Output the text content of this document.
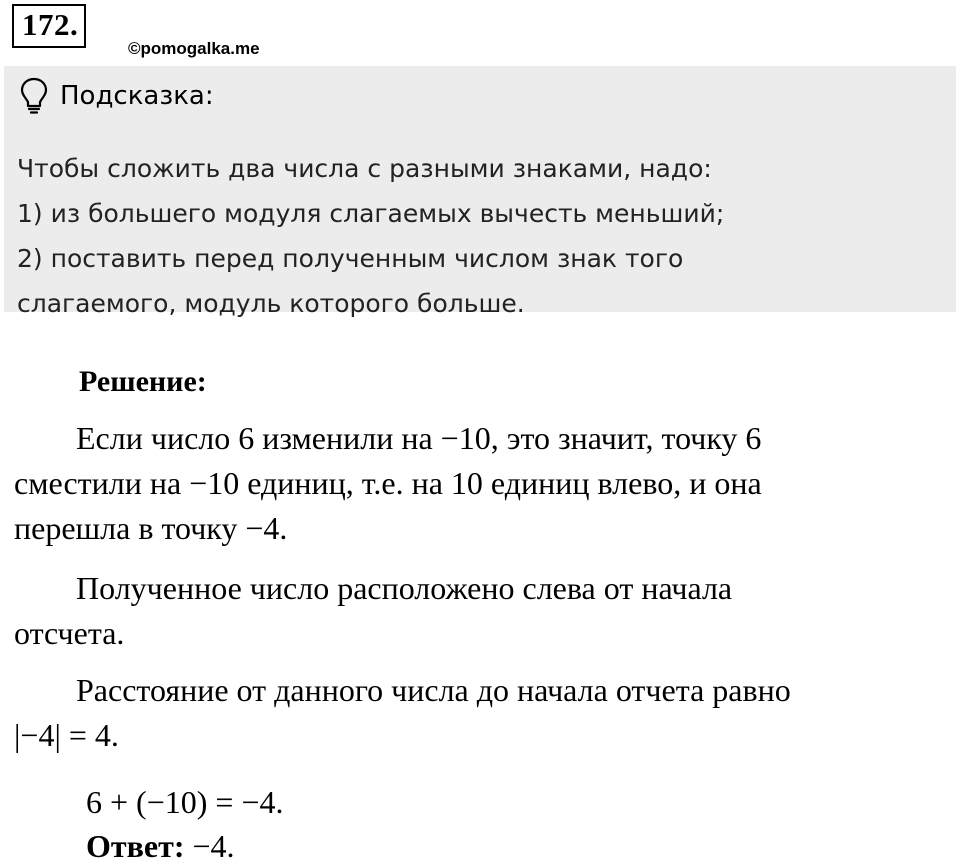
172.
©pomogalka.me
Подсказка:
Чтобы сложить два числа с разными знаками, надо:
1) из большего модуля слагаемых вычесть меньший;
2) поставить перед полученным числом знак того
слагаемого, модуль которого больше.
Решение:
Если число 6 изменили на −10, это значит, точку 6
сместили на −10 единиц, т.е. на 10 единиц влево, и она
перешла в точку −4.
Полученное число расположено слева от начала
отсчета.
Расстояние от данного числа до начала отчета равно
|−4| = 4.
6 + (−10) = −4.
Ответ: −4.
